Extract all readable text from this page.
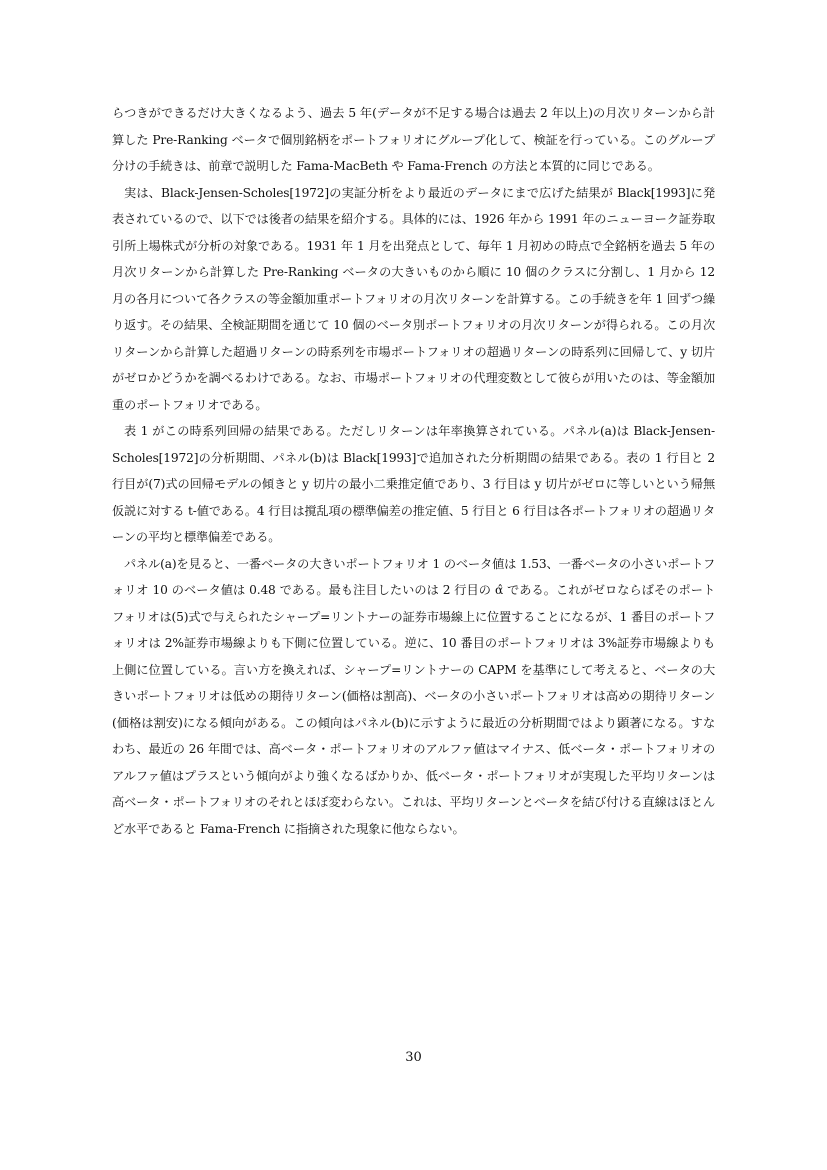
らつきができるだけ大きくなるよう、過去 5 年(データが不足する場合は過去 2 年以上)の月次リターンから計算した Pre-Ranking ベータで個別銘柄をポートフォリオにグループ化して、検証を行っている。このグループ分けの手続きは、前章で説明した Fama-MacBeth や Fama-French の方法と本質的に同じである。

実は、Black-Jensen-Scholes[1972]の実証分析をより最近のデータにまで広げた結果が Black[1993]に発表されているので、以下では後者の結果を紹介する。具体的には、1926 年から 1991 年のニューヨーク証券取引所上場株式が分析の対象である。1931 年 1 月を出発点として、毎年 1 月初めの時点で全銘柄を過去 5 年の月次リターンから計算した Pre-Ranking ベータの大きいものから順に 10 個のクラスに分割し、1 月から 12 月の各月について各クラスの等金額加重ポートフォリオの月次リターンを計算する。この手続きを年 1 回ずつ繰り返す。その結果、全検証期間を通じて 10 個のベータ別ポートフォリオの月次リターンが得られる。この月次リターンから計算した超過リターンの時系列を市場ポートフォリオの超過リターンの時系列に回帰して、y 切片がゼロかどうかを調べるわけである。なお、市場ポートフォリオの代理変数として彼らが用いたのは、等金額加重のポートフォリオである。

表 1 がこの時系列回帰の結果である。ただしリターンは年率換算されている。パネル(a)は Black-Jensen-Scholes[1972]の分析期間、パネル(b)は Black[1993]で追加された分析期間の結果である。表の 1 行目と 2 行目が(7)式の回帰モデルの傾きと y 切片の最小二乗推定値であり、3 行目は y 切片がゼロに等しいという帰無仮説に対する t-値である。4 行目は撹乱項の標準偏差の推定値、5 行目と 6 行目は各ポートフォリオの超過リターンの平均と標準偏差である。

パネル(a)を見ると、一番ベータの大きいポートフォリオ 1 のベータ値は 1.53、一番ベータの小さいポートフォリオ 10 のベータ値は 0.48 である。最も注目したいのは 2 行目の α̂ である。これがゼロならばそのポートフォリオは(5)式で与えられたシャープ=リントナーの証券市場線上に位置することになるが、1 番目のポートフォリオは 2%証券市場線よりも下側に位置している。逆に、10 番目のポートフォリオは 3%証券市場線よりも上側に位置している。言い方を換えれば、シャープ=リントナーの CAPM を基準にして考えると、ベータの大きいポートフォリオは低めの期待リターン(価格は割高)、ベータの小さいポートフォリオは高めの期待リターン(価格は割安)になる傾向がある。この傾向はパネル(b)に示すように最近の分析期間ではより顕著になる。すなわち、最近の 26 年間では、高ベータ・ポートフォリオのアルファ値はマイナス、低ベータ・ポートフォリオのアルファ値はプラスという傾向がより強くなるばかりか、低ベータ・ポートフォリオが実現した平均リターンは高ベータ・ポートフォリオのそれとほぼ変わらない。これは、平均リターンとベータを結び付ける直線はほとんど水平であると Fama-French に指摘された現象に他ならない。

30
